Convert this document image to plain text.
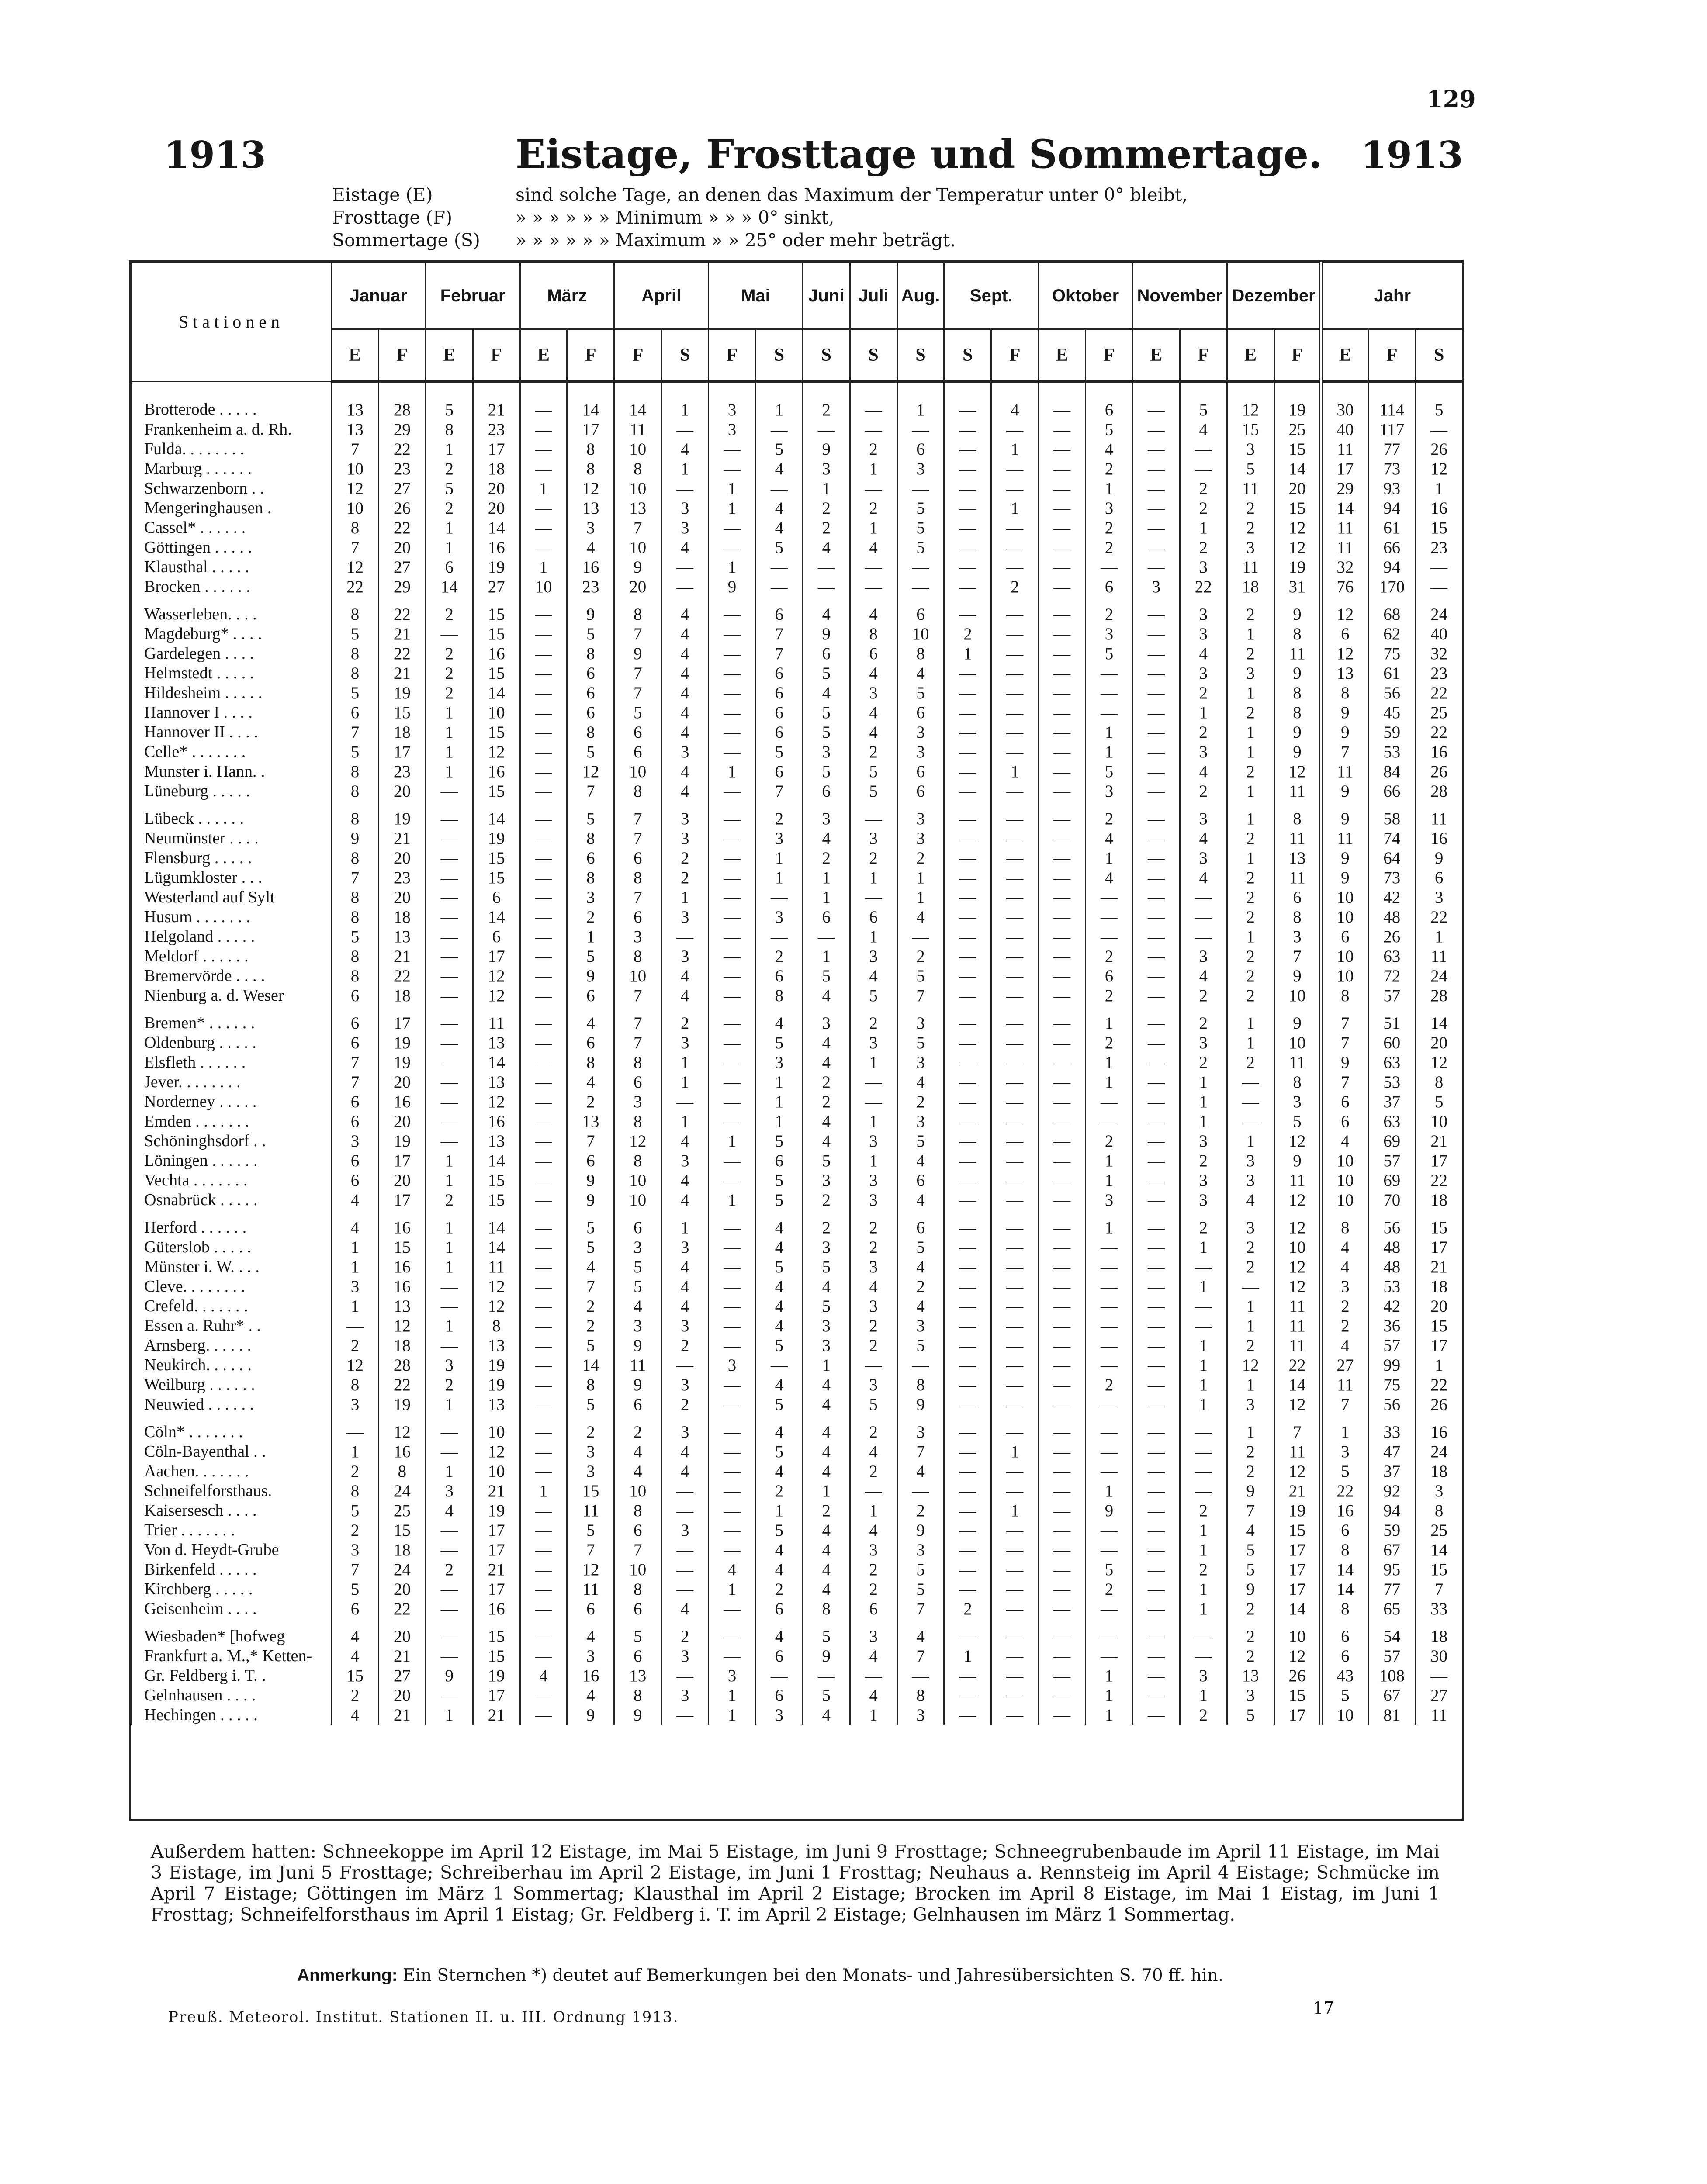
129
1913	Eistage, Frosttage und Sommertage. 1913
Eistage (E)	sind solche Tage, an denen das Maximum der Temperatur unter 0° bleibt,
Frosttage (F)	» » » » » » Minimum » » » 0° sinkt,
Sommertage (S)	» » » » » » Maximum » » 25° oder mehr beträgt.
Stationen	Januar		Februar		März		April		Mai		Juni	Juli	Aug.	Sept.		Oktober		November		Dezember		Jahr		
	E	F	E	F	E	F	F	S	F	S	S	S	S	S	F	E	F	E	F	E	F	E	F	S
Brotterode . . . . .	13	28	5	21	—	14	14	1	3	1	2	—	1	—	4	—	6	—	5	12	19	30	114	5
Frankenheim a. d. Rh.	13	29	8	23	—	17	11	—	3	—	—	—	—	—	—	—	5	—	4	15	25	40	117	—
Fulda. . . . . . . .	7	22	1	17	—	8	10	4	—	5	9	2	6	—	1	—	4	—	—	3	15	11	77	26
Marburg . . . . . .	10	23	2	18	—	8	8	1	—	4	3	1	3	—	—	—	2	—	—	5	14	17	73	12
Schwarzenborn . .	12	27	5	20	1	12	10	—	1	—	1	—	—	—	—	—	1	—	2	11	20	29	93	1
Mengeringhausen .	10	26	2	20	—	13	13	3	1	4	2	2	5	—	1	—	3	—	2	2	15	14	94	16
Cassel* . . . . . .	8	22	1	14	—	3	7	3	—	4	2	1	5	—	—	—	2	—	1	2	12	11	61	15
Göttingen . . . . .	7	20	1	16	—	4	10	4	—	5	4	4	5	—	—	—	2	—	2	3	12	11	66	23
Klausthal . . . . .	12	27	6	19	1	16	9	—	1	—	—	—	—	—	—	—	—	—	3	11	19	32	94	—
Brocken . . . . . .	22	29	14	27	10	23	20	—	9	—	—	—	—	—	2	—	6	3	22	18	31	76	170	—
Wasserleben. . . .	8	22	2	15	—	9	8	4	—	6	4	4	6	—	—	—	2	—	3	2	9	12	68	24
Magdeburg* . . . .	5	21	—	15	—	5	7	4	—	7	9	8	10	2	—	—	3	—	3	1	8	6	62	40
Gardelegen . . . .	8	22	2	16	—	8	9	4	—	7	6	6	8	1	—	—	5	—	4	2	11	12	75	32
Helmstedt . . . . .	8	21	2	15	—	6	7	4	—	6	5	4	4	—	—	—	—	—	3	3	9	13	61	23
Hildesheim . . . . .	5	19	2	14	—	6	7	4	—	6	4	3	5	—	—	—	—	—	2	1	8	8	56	22
Hannover I . . . .	6	15	1	10	—	6	5	4	—	6	5	4	6	—	—	—	—	—	1	2	8	9	45	25
Hannover II . . . .	7	18	1	15	—	8	6	4	—	6	5	4	3	—	—	—	1	—	2	1	9	9	59	22
Celle* . . . . . . .	5	17	1	12	—	5	6	3	—	5	3	2	3	—	—	—	1	—	3	1	9	7	53	16
Munster i. Hann. .	8	23	1	16	—	12	10	4	1	6	5	5	6	—	1	—	5	—	4	2	12	11	84	26
Lüneburg . . . . .	8	20	—	15	—	7	8	4	—	7	6	5	6	—	—	—	3	—	2	1	11	9	66	28
Lübeck . . . . . .	8	19	—	14	—	5	7	3	—	2	3	—	3	—	—	—	2	—	3	1	8	9	58	11
Neumünster . . . .	9	21	—	19	—	8	7	3	—	3	4	3	3	—	—	—	4	—	4	2	11	11	74	16
Flensburg . . . . .	8	20	—	15	—	6	6	2	—	1	2	2	2	—	—	—	1	—	3	1	13	9	64	9
Lügumkloster . . .	7	23	—	15	—	8	8	2	—	1	1	1	1	—	—	—	4	—	4	2	11	9	73	6
Westerland auf Sylt	8	20	—	6	—	3	7	1	—	—	1	—	1	—	—	—	—	—	—	2	6	10	42	3
Husum . . . . . . .	8	18	—	14	—	2	6	3	—	3	6	6	4	—	—	—	—	—	—	2	8	10	48	22
Helgoland . . . . .	5	13	—	6	—	1	3	—	—	—	—	1	—	—	—	—	—	—	—	1	3	6	26	1
Meldorf . . . . . .	8	21	—	17	—	5	8	3	—	2	1	3	2	—	—	—	2	—	3	2	7	10	63	11
Bremervörde . . . .	8	22	—	12	—	9	10	4	—	6	5	4	5	—	—	—	6	—	4	2	9	10	72	24
Nienburg a. d. Weser	6	18	—	12	—	6	7	4	—	8	4	5	7	—	—	—	2	—	2	2	10	8	57	28
Bremen* . . . . . .	6	17	—	11	—	4	7	2	—	4	3	2	3	—	—	—	1	—	2	1	9	7	51	14
Oldenburg . . . . .	6	19	—	13	—	6	7	3	—	5	4	3	5	—	—	—	2	—	3	1	10	7	60	20
Elsfleth . . . . . .	7	19	—	14	—	8	8	1	—	3	4	1	3	—	—	—	1	—	2	2	11	9	63	12
Jever. . . . . . . .	7	20	—	13	—	4	6	1	—	1	2	—	4	—	—	—	1	—	1	—	8	7	53	8
Norderney . . . . .	6	16	—	12	—	2	3	—	—	1	2	—	2	—	—	—	—	—	1	—	3	6	37	5
Emden . . . . . . .	6	20	—	16	—	13	8	1	—	1	4	1	3	—	—	—	—	—	1	—	5	6	63	10
Schöninghsdorf . .	3	19	—	13	—	7	12	4	1	5	4	3	5	—	—	—	2	—	3	1	12	4	69	21
Löningen . . . . . .	6	17	1	14	—	6	8	3	—	6	5	1	4	—	—	—	1	—	2	3	9	10	57	17
Vechta . . . . . . .	6	20	1	15	—	9	10	4	—	5	3	3	6	—	—	—	1	—	3	3	11	10	69	22
Osnabrück . . . . .	4	17	2	15	—	9	10	4	1	5	2	3	4	—	—	—	3	—	3	4	12	10	70	18
Herford . . . . . .	4	16	1	14	—	5	6	1	—	4	2	2	6	—	—	—	1	—	2	3	12	8	56	15
Güterslob . . . . .	1	15	1	14	—	5	3	3	—	4	3	2	5	—	—	—	—	—	1	2	10	4	48	17
Münster i. W. . . .	1	16	1	11	—	4	5	4	—	5	5	3	4	—	—	—	—	—	—	2	12	4	48	21
Cleve. . . . . . . .	3	16	—	12	—	7	5	4	—	4	4	4	2	—	—	—	—	—	1	—	12	3	53	18
Crefeld. . . . . . .	1	13	—	12	—	2	4	4	—	4	5	3	4	—	—	—	—	—	—	1	11	2	42	20
Essen a. Ruhr* . .	—	12	1	8	—	2	3	3	—	4	3	2	3	—	—	—	—	—	—	1	11	2	36	15
Arnsberg. . . . . .	2	18	—	13	—	5	9	2	—	5	3	2	5	—	—	—	—	—	1	2	11	4	57	17
Neukirch. . . . . .	12	28	3	19	—	14	11	—	3	—	1	—	—	—	—	—	—	—	1	12	22	27	99	1
Weilburg . . . . . .	8	22	2	19	—	8	9	3	—	4	4	3	8	—	—	—	2	—	1	1	14	11	75	22
Neuwied . . . . . .	3	19	1	13	—	5	6	2	—	5	4	5	9	—	—	—	—	—	1	3	12	7	56	26
Cöln* . . . . . . .	—	12	—	10	—	2	2	3	—	4	4	2	3	—	—	—	—	—	—	1	7	1	33	16
Cöln-Bayenthal . .	1	16	—	12	—	3	4	4	—	5	4	4	7	—	1	—	—	—	—	2	11	3	47	24
Aachen. . . . . . .	2	8	1	10	—	3	4	4	—	4	4	2	4	—	—	—	—	—	—	2	12	5	37	18
Schneifelforsthaus.	8	24	3	21	1	15	10	—	—	2	1	—	—	—	—	—	1	—	—	9	21	22	92	3
Kaisersesch . . . .	5	25	4	19	—	11	8	—	—	1	2	1	2	—	1	—	9	—	2	7	19	16	94	8
Trier . . . . . . .	2	15	—	17	—	5	6	3	—	5	4	4	9	—	—	—	—	—	1	4	15	6	59	25
Von d. Heydt-Grube	3	18	—	17	—	7	7	—	—	4	4	3	3	—	—	—	—	—	1	5	17	8	67	14
Birkenfeld . . . . .	7	24	2	21	—	12	10	—	4	4	4	2	5	—	—	—	5	—	2	5	17	14	95	15
Kirchberg . . . . .	5	20	—	17	—	11	8	—	1	2	4	2	5	—	—	—	2	—	1	9	17	14	77	7
Geisenheim . . . .	6	22	—	16	—	6	6	4	—	6	8	6	7	2	—	—	—	—	1	2	14	8	65	33
Wiesbaden* [hofweg	4	20	—	15	—	4	5	2	—	4	5	3	4	—	—	—	—	—	—	2	10	6	54	18
Frankfurt a. M.,* Ketten-	4	21	—	15	—	3	6	3	—	6	9	4	7	1	—	—	—	—	—	2	12	6	57	30
Gr. Feldberg i. T. .	15	27	9	19	4	16	13	—	3	—	—	—	—	—	—	—	1	—	3	13	26	43	108	—
Gelnhausen . . . .	2	20	—	17	—	4	8	3	1	6	5	4	8	—	—	—	1	—	1	3	15	5	67	27
Hechingen . . . . .	4	21	1	21	—	9	9	—	1	3	4	1	3	—	—	—	1	—	2	5	17	10	81	11
Außerdem hatten: Schneekoppe im April 12 Eistage, im Mai 5 Eistage, im Juni 9 Frosttage; Schneegrubenbaude im April 11 Eistage, im Mai 3 Eistage, im Juni 5 Frosttage; Schreiberhau im April 2 Eistage, im Juni 1 Frosttag; Neuhaus a. Rennsteig im April 4 Eistage; Schmücke im April 7 Eistage; Göttingen im März 1 Sommertag; Klausthal im April 2 Eistage; Brocken im April 8 Eistage, im Mai 1 Eistag, im Juni 1 Frosttag; Schneifelforsthaus im April 1 Eistag; Gr. Feldberg i. T. im April 2 Eistage; Gelnhausen im März 1 Sommertag.
Anmerkung: Ein Sternchen *) deutet auf Bemerkungen bei den Monats- und Jahresübersichten S. 70 ff. hin.
Preuß. Meteorol. Institut. Stationen II. u. III. Ordnung 1913.	17
